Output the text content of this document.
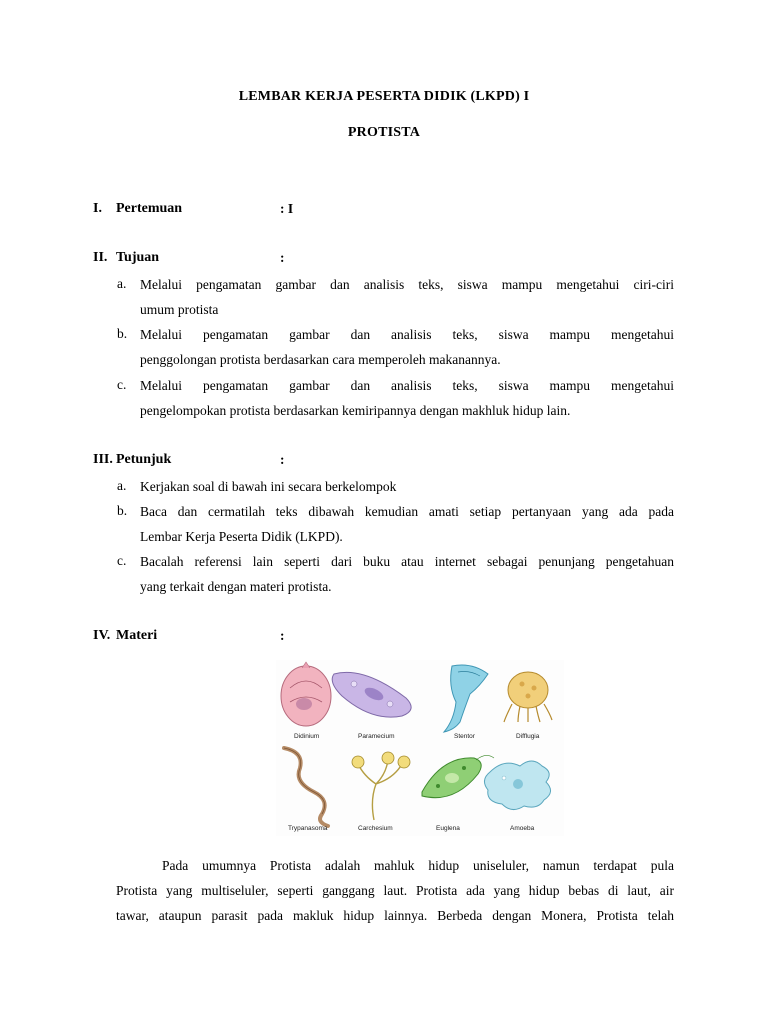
LEMBAR KERJA PESERTA DIDIK (LKPD) I
PROTISTA
I. Pertemuan	: I
II. Tujuan	:
a. Melalui pengamatan gambar dan analisis teks, siswa mampu mengetahui ciri-ciri
umum protista
b. Melalui pengamatan gambar dan analisis teks, siswa mampu mengetahui
penggolongan protista berdasarkan cara memperoleh makanannya.
c. Melalui pengamatan gambar dan analisis teks, siswa mampu mengetahui
pengelompokan protista berdasarkan kemiripannya dengan makhluk hidup lain.
III. Petunjuk	:
a. Kerjakan soal di bawah ini secara berkelompok
b. Baca dan cermatilah teks dibawah kemudian amati setiap pertanyaan yang ada pada
Lembar Kerja Peserta Didik (LKPD).
c. Bacalah referensi lain seperti dari buku atau internet sebagai penunjang pengetahuan
yang terkait dengan materi protista.
IV. Materi	:
Didinium	Paramecium	Stentor	Difflugia
Trypanasoma	Carchesium	Euglena	Amoeba
Pada umumnya Protista adalah mahluk hidup uniseluler, namun terdapat pula
Protista yang multiseluler, seperti ganggang laut. Protista ada yang hidup bebas di laut, air
tawar, ataupun parasit pada makluk hidup lainnya. Berbeda dengan Monera, Protista telah
